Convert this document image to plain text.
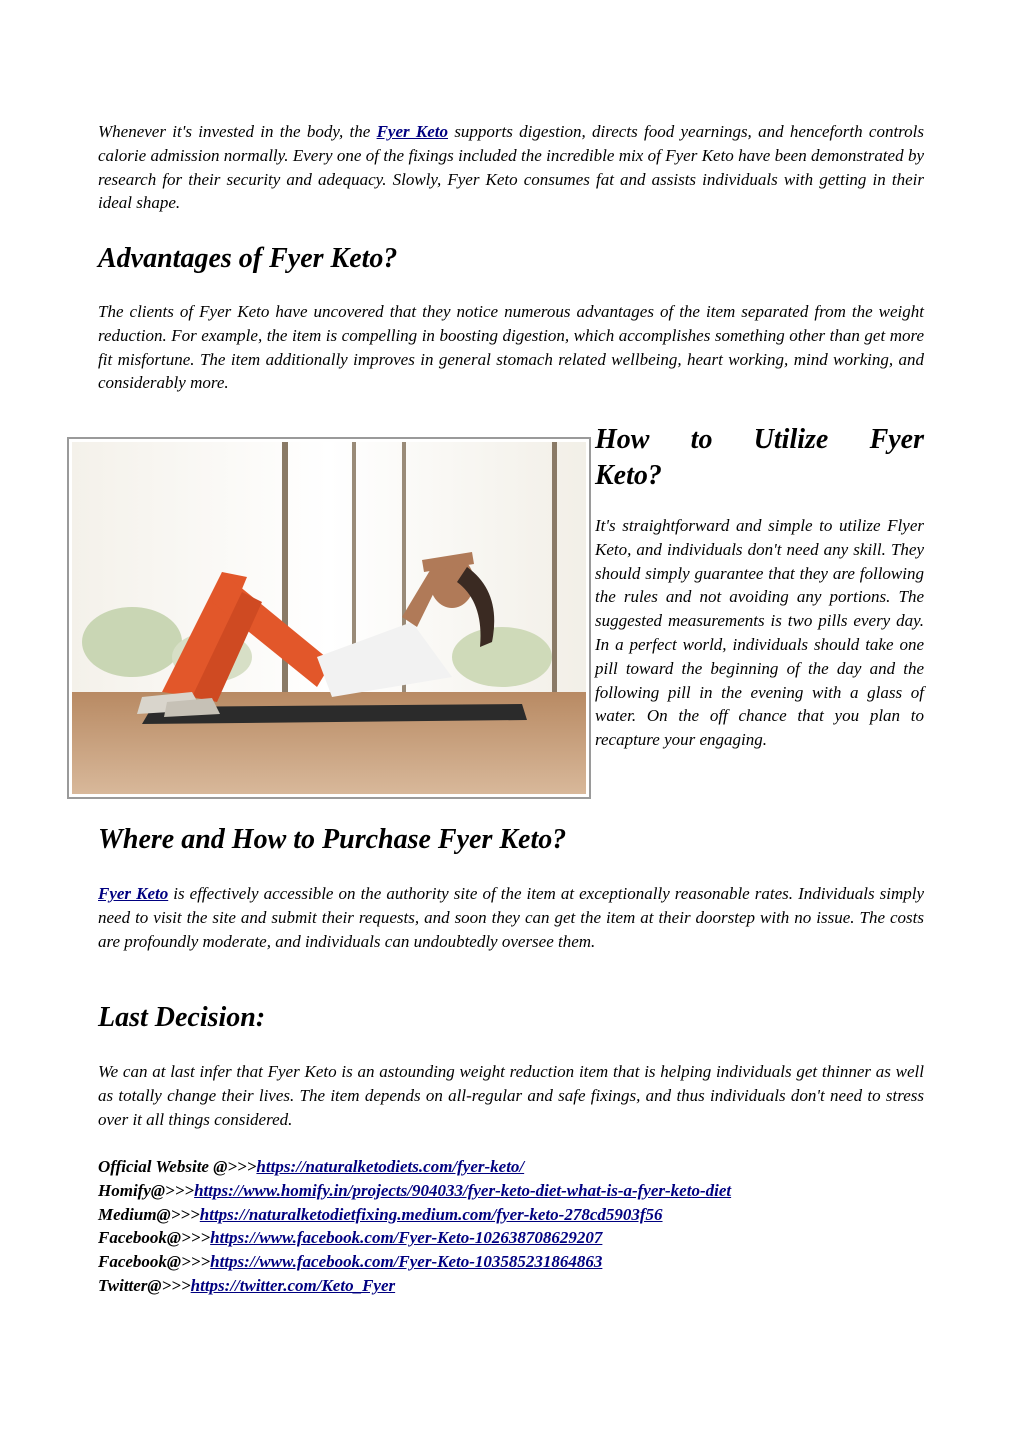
Whenever it's invested in the body, the Fyer Keto supports digestion, directs food yearnings, and henceforth controls calorie admission normally. Every one of the fixings included the incredible mix of Fyer Keto have been demonstrated by research for their security and adequacy. Slowly, Fyer Keto consumes fat and assists individuals with getting in their ideal shape.

Advantages of Fyer Keto?

The clients of Fyer Keto have uncovered that they notice numerous advantages of the item separated from the weight reduction. For example, the item is compelling in boosting digestion, which accomplishes something other than get more fit misfortune. The item additionally improves in general stomach related wellbeing, heart working, mind working, and considerably more.

How to Utilize Fyer
Keto?

It's straightforward and simple to utilize Flyer Keto, and individuals don't need any skill. They should simply guarantee that they are following the rules and not avoiding any portions. The suggested measurements is two pills every day. In a perfect world, individuals should take one pill toward the beginning of the day and the following pill in the evening with a glass of water. On the off chance that you plan to recapture your engaging.

Where and How to Purchase Fyer Keto?

Fyer Keto is effectively accessible on the authority site of the item at exceptionally reasonable rates. Individuals simply need to visit the site and submit their requests, and soon they can get the item at their doorstep with no issue. The costs are profoundly moderate, and individuals can undoubtedly oversee them.

Last Decision:

We can at last infer that Fyer Keto is an astounding weight reduction item that is helping individuals get thinner as well as totally change their lives. The item depends on all-regular and safe fixings, and thus individuals don't need to stress over it all things considered.

Official Website @>>>https://naturalketodiets.com/fyer-keto/
Homify@>>>https://www.homify.in/projects/904033/fyer-keto-diet-what-is-a-fyer-keto-diet
Medium@>>>https://naturalketodietfixing.medium.com/fyer-keto-278cd5903f56
Facebook@>>>https://www.facebook.com/Fyer-Keto-102638708629207
Facebook@>>>https://www.facebook.com/Fyer-Keto-103585231864863
Twitter@>>>https://twitter.com/Keto_Fyer
